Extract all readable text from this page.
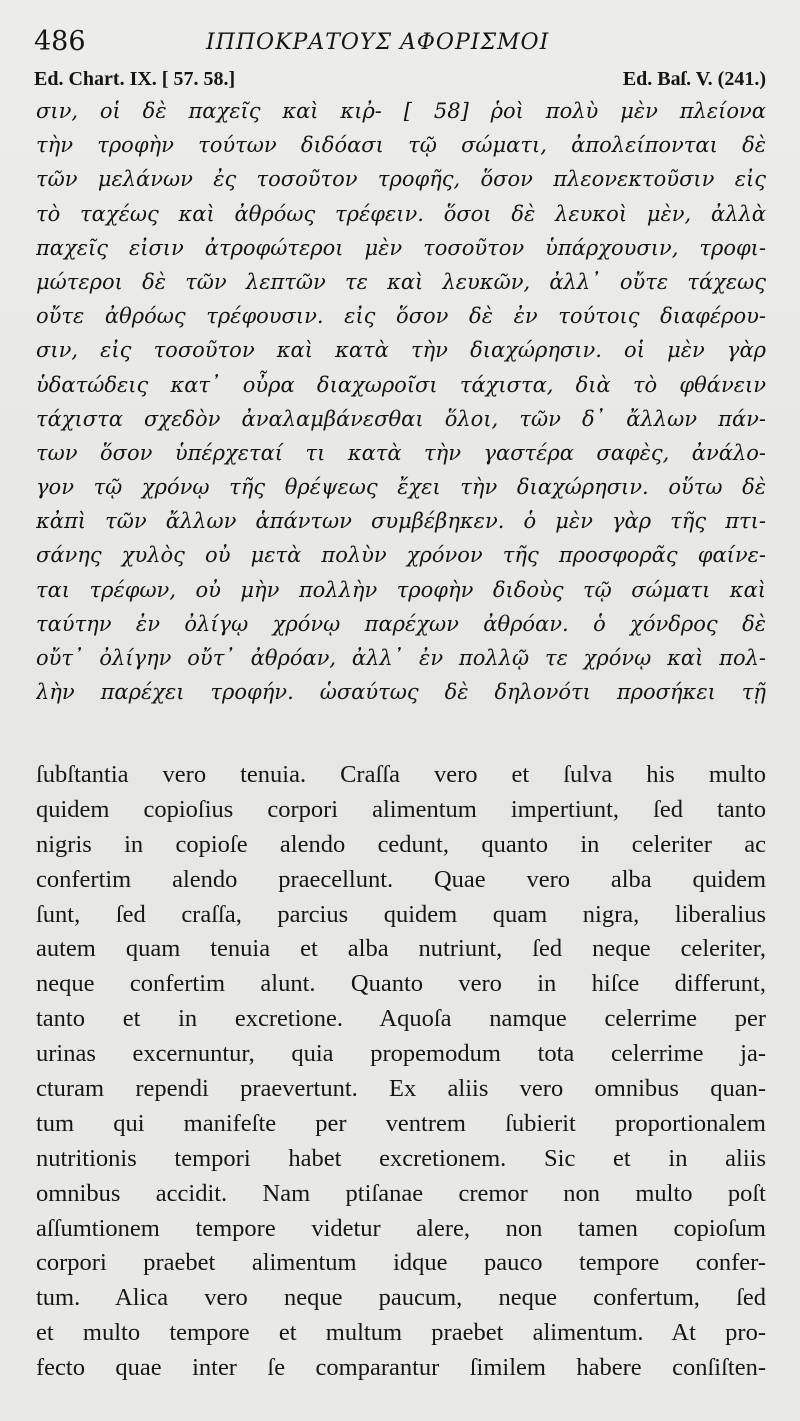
486	ΙΠΠΟΚΡΑΤΟΥΣ ΑΦΟΡΙΣΜΟΙ
Ed. Chart. IX. [ 57. 58.]	Ed. Baſ. V. (241.)
σιν, οἱ δὲ παχεῖς καὶ κιῤ- [ 58] ῥοὶ πολὺ μὲν πλείονα
τὴν τροφὴν τούτων διδόασι τῷ σώματι, ἀπολείπονται δὲ
τῶν μελάνων ἐς τοσοῦτον τροφῆς, ὅσον πλεονεκτοῦσιν εἰς
τὸ ταχέως καὶ ἀθρόως τρέφειν. ὅσοι δὲ λευκοὶ μὲν, ἀλλὰ
παχεῖς εἰσιν ἀτροφώτεροι μὲν τοσοῦτον ὑπάρχουσιν, τροφι-
μώτεροι δὲ τῶν λεπτῶν τε καὶ λευκῶν, ἀλλ᾽ οὔτε τάχεως
οὔτε ἀθρόως τρέφουσιν. εἰς ὅσον δὲ ἐν τούτοις διαφέρου-
σιν, εἰς τοσοῦτον καὶ κατὰ τὴν διαχώρησιν. οἱ μὲν γὰρ
ὑδατώδεις κατ᾽ οὖρα διαχωροῖσι τάχιστα, διὰ τὸ φθάνειν
τάχιστα σχεδὸν ἀναλαμβάνεσθαι ὅλοι, τῶν δ᾽ ἄλλων πάν-
των ὅσον ὑπέρχεταί τι κατὰ τὴν γαστέρα σαφὲς, ἀνάλο-
γον τῷ χρόνῳ τῆς θρέψεως ἔχει τὴν διαχώρησιν. οὕτω δὲ
κἀπὶ τῶν ἄλλων ἁπάντων συμβέβηκεν. ὁ μὲν γὰρ τῆς πτι-
σάνης χυλὸς οὐ μετὰ πολὺν χρόνον τῆς προσφορᾶς φαίνε-
ται τρέφων, οὐ μὴν πολλὴν τροφὴν διδοὺς τῷ σώματι καὶ
ταύτην ἐν ὀλίγῳ χρόνῳ παρέχων ἀθρόαν. ὁ χόνδρος δὲ
οὔτ᾽ ὀλίγην οὔτ᾽ ἀθρόαν, ἀλλ᾽ ἐν πολλῷ τε χρόνῳ καὶ πολ-
λὴν παρέχει τροφήν. ὡσαύτως δὲ δηλονότι προσήκει τῇ
ſubſtantia vero tenuia. Craſſa vero et ſulva his multo
quidem copioſius corpori alimentum impertiunt, ſed tanto
nigris in copioſe alendo cedunt, quanto in celeriter ac
confertim alendo praecellunt. Quae vero alba quidem
ſunt, ſed craſſa, parcius quidem quam nigra, liberalius
autem quam tenuia et alba nutriunt, ſed neque celeriter,
neque confertim alunt. Quanto vero in hiſce differunt,
tanto et in excretione. Aquoſa namque celerrime per
urinas excernuntur, quia propemodum tota celerrime ja-
cturam rependi praevertunt. Ex aliis vero omnibus quan-
tum qui manifeſte per ventrem ſubierit proportionalem
nutritionis tempori habet excretionem. Sic et in aliis
omnibus accidit. Nam ptiſanae cremor non multo poſt
aſſumtionem tempore videtur alere, non tamen copioſum
corpori praebet alimentum idque pauco tempore confer-
tum. Alica vero neque paucum, neque confertum, ſed
et multo tempore et multum praebet alimentum. At pro-
fecto quae inter ſe comparantur ſimilem habere conſiſten-
